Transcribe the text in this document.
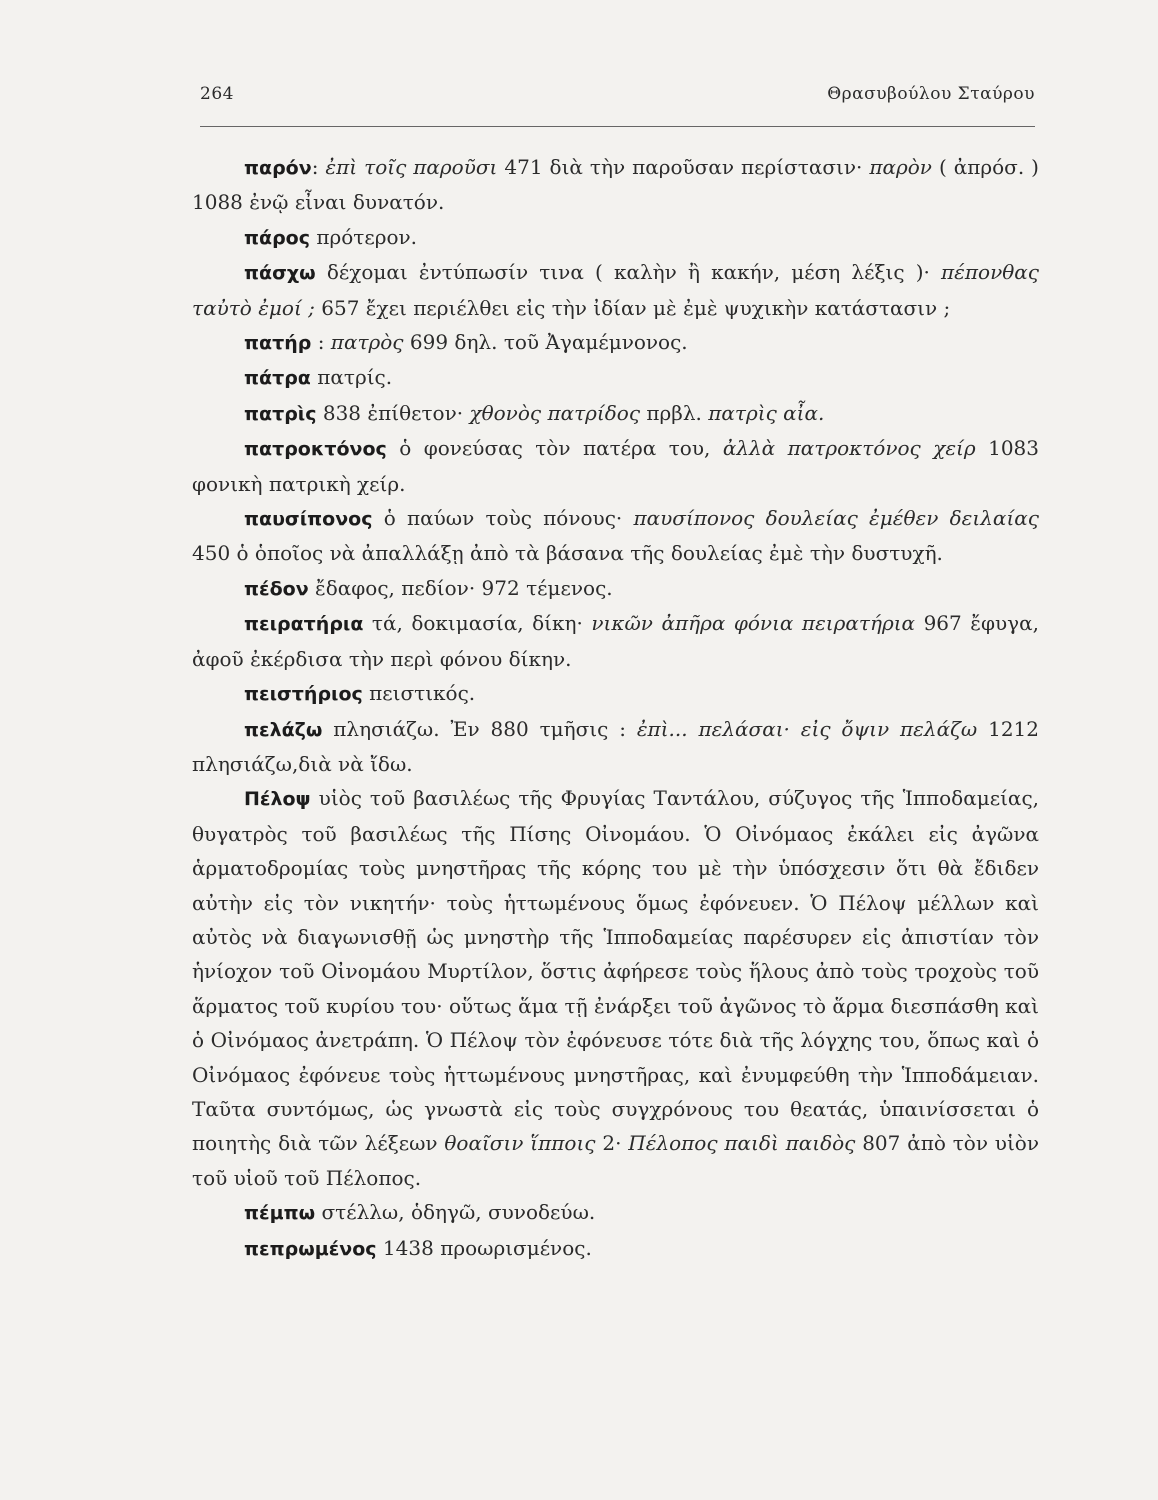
264	Θρασυβούλου Σταύρου

παρόν: ἐπὶ τοῖς παροῦσι 471 διὰ τὴν παροῦσαν περίστασιν· παρὸν ( ἀπρόσ. ) 1088 ἐνῷ εἶναι δυνατόν.

πάρος πρότερον.

πάσχω δέχομαι ἐντύπωσίν τινα ( καλὴν ἢ κακήν, μέση λέξις )· πέπονθας ταὐτὸ ἐμοί ; 657 ἔχει περιέλθει εἰς τὴν ἰδίαν μὲ ἐμὲ ψυχικὴν κατάστασιν ;

πατήρ : πατρὸς 699 δηλ. τοῦ Ἀγαμέμνονος.

πάτρα πατρίς.

πατρὶς 838 ἐπίθετον· χθονὸς πατρίδος πρβλ. πατρὶς αἶα.

πατροκτόνος ὁ φονεύσας τὸν πατέρα του, ἀλλὰ πατροκτόνος χείρ 1083 φονικὴ πατρικὴ χείρ.

παυσίπονος ὁ παύων τοὺς πόνους· παυσίπονος δουλείας ἐμέθεν δειλαίας 450 ὁ ὁποῖος νὰ ἀπαλλάξῃ ἀπὸ τὰ βάσανα τῆς δουλείας ἐμὲ τὴν δυστυχῆ.

πέδον ἔδαφος, πεδίον· 972 τέμενος.

πειρατήρια τά, δοκιμασία, δίκη· νικῶν ἀπῆρα φόνια πειρατήρια 967 ἔφυγα, ἀφοῦ ἐκέρδισα τὴν περὶ φόνου δίκην.

πειστήριος πειστικός.

πελάζω πλησιάζω. Ἐν 880 τμῆσις : ἐπὶ... πελάσαι· εἰς ὄψιν πελάζω 1212 πλησιάζω,διὰ νὰ ἴδω.

Πέλοψ υἱὸς τοῦ βασιλέως τῆς Φρυγίας Ταντάλου, σύζυγος τῆς Ἱπποδαμείας, θυγατρὸς τοῦ βασιλέως τῆς Πίσης Οἰνομάου. Ὁ Οἰνόμαος ἐκάλει εἰς ἀγῶνα ἁρματοδρομίας τοὺς μνηστῆρας τῆς κόρης του μὲ τὴν ὑπόσχεσιν ὅτι θὰ ἔδιδεν αὐτὴν εἰς τὸν νικητήν· τοὺς ἡττωμένους ὅμως ἐφόνευεν. Ὁ Πέλοψ μέλλων καὶ αὐτὸς νὰ διαγωνισθῇ ὡς μνηστὴρ τῆς Ἱπποδαμείας παρέσυρεν εἰς ἀπιστίαν τὸν ἡνίοχον τοῦ Οἰνομάου Μυρτίλον, ὅστις ἀφήρεσε τοὺς ἥλους ἀπὸ τοὺς τροχοὺς τοῦ ἅρματος τοῦ κυρίου του· οὕτως ἅμα τῇ ἐνάρξει τοῦ ἀγῶνος τὸ ἅρμα διεσπάσθη καὶ ὁ Οἰνόμαος ἀνετράπη. Ὁ Πέλοψ τὸν ἐφόνευσε τότε διὰ τῆς λόγχης του, ὅπως καὶ ὁ Οἰνόμαος ἐφόνευε τοὺς ἡττωμένους μνηστῆρας, καὶ ἐνυμφεύθη τὴν Ἱπποδάμειαν. Ταῦτα συντόμως, ὡς γνωστὰ εἰς τοὺς συγχρόνους του θεατάς, ὑπαινίσσεται ὁ ποιητὴς διὰ τῶν λέξεων θοαῖσιν ἵπποις 2· Πέλοπος παιδὶ παιδὸς 807 ἀπὸ τὸν υἱὸν τοῦ υἱοῦ τοῦ Πέλοπος.

πέμπω στέλλω, ὁδηγῶ, συνοδεύω.

πεπρωμένος 1438 προωρισμένος.
